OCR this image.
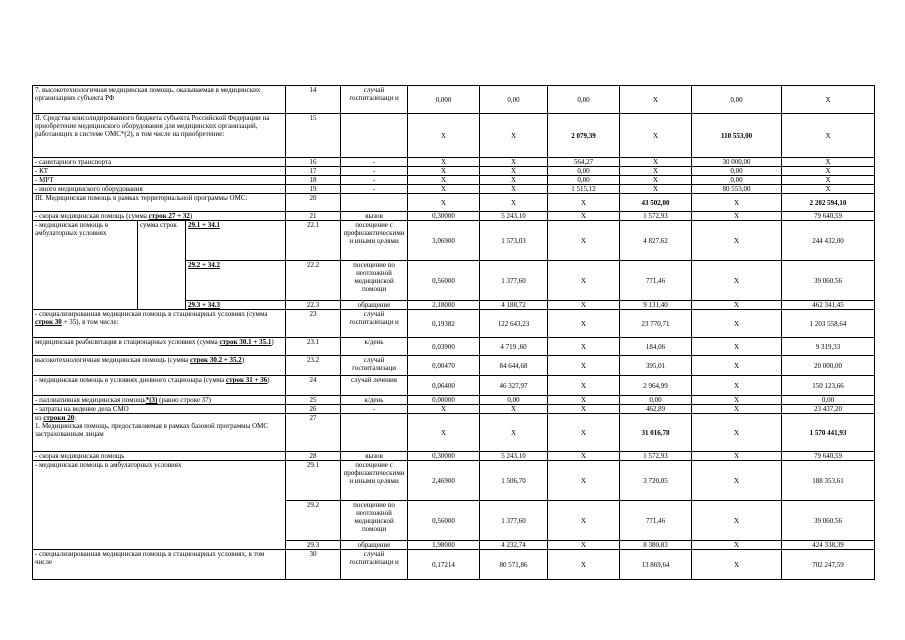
7. высокотехнологичная медицинская помощь, оказываемая в медицинских организациях субъекта РФ			14	случай госпитализаци и	0,000	0,00	0,00	X	0,00	X	
II. Средства консолидированного бюджета субъекта Российской Федерации на приобретение медицинского оборудования для медицинских организаций, работающих в системе ОМС*(2), в том числе на приобретение:			15		X	X	2 079,39	X	110 553,00	X	
- санитарного транспорта			16	-	X	X	564,27	X	30 000,00	X	
- КТ			17	-	X	X	0,00	X	0,00	X	
- МРТ			18	-	X	X	0,00	X	0,00	X	
- иного медицинского оборудования			19	-	X	X	1 515,12	X	80 553,00	X	
III. Медицинская помощь в рамках территориальной программы ОМС:			20		X	X	X	43 502,00	X	2 202 594,10	
- скорая медицинская помощь (сумма строк 27 + 32)			21	вызов	0,30000	5 243,10	X	1 572,93	X	79 640,59	
- медицинская помощь в амбулаторных условиях	сумма строк	29.1 + 34.1	22.1	посещение с профилактическими и иными целями	3,06900	1 573,03	X	4 827,62	X	244 432,00	
		29.2 + 34.2	22.2	посещение по неотложной медицинской помощи	0,56000	1 377,60	X	771,46	X	39 060,56	
		29.3 + 34.3	22.3	обращение	2,18000	4 188,72	X	9 131,40	X	462 341,45	
- специализированная медицинская помощь в стационарных условиях (сумма строк 30 + 35), в том числе:			23	случай госпитализаци и	0,19382	122 643,23	X	23 770,71	X	1 203 558,64	
медицинская реабилитация в стационарных условиях (сумма строк 30.1 + 35.1)			23.1	к/день	0,03900	4 719 ,60	X	184,06	X	9 319,33	
высокотехнологичная медицинская помощь (сумма строк 30.2 + 35.2)			23.2	случай госпитализаци	0,00470	84 644,68	X	395,01	X	20 000,00	
- медицинская помощь в условиях дневного стационара (сумма строк 31 + 36)			24	случай лечения	0,06400	46 327,97	X	2 964,99	X	150 123,66	
- паллиативная медицинская помощь*(3) (равно строке 37)			25	к/день	0,00000	0,00	X	0,00	X	0,00	
- затраты на ведение дела СМО			26	-	X	X	X	462,89	X	23 437,20	
из строки 20:
1. Медицинская помощь, предоставляемая в рамках базовой программы ОМС застрахованным лицам			27		X	X	X	31 016,78	X	1 570 441,93	
- скорая медицинская помощь			28	вызов	0,30000	5 243,10	X	1 572,93	X	79 640,59	
- медицинская помощь в амбулаторных условиях			29.1	посещение с профилактическими и иными целями	2,46900	1 506,70	X	3 720,05	X	188 353,61	
			29.2	посещение по неотложной медицинской помощи	0,56000	1 377,60	X	771,46	X	39 060,56	
			29.3	обращение	1,98000	4 232,74	X	8 380,83	X	424 338,39	
- специализированная медицинская помощь в стационарных условиях, в том числе			30	случай госпитализаци и	0,17214	80 571,86	X	13 869,64	X	702 247,59	
